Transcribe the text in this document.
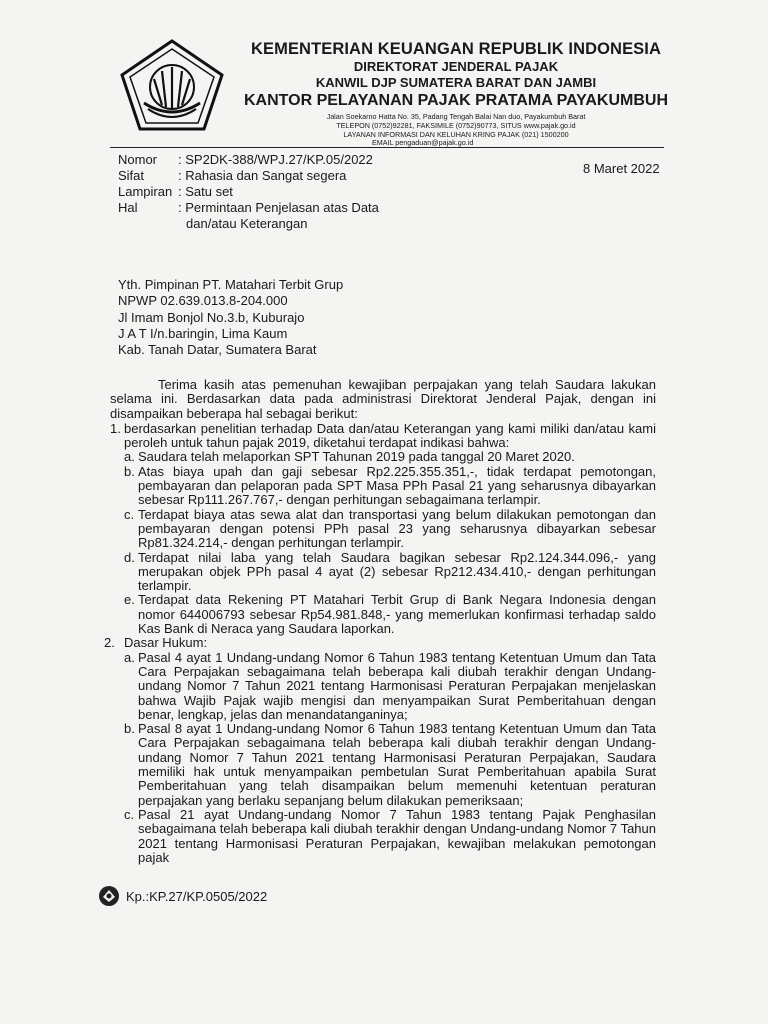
KEMENTERIAN KEUANGAN REPUBLIK INDONESIA
DIREKTORAT JENDERAL PAJAK
KANWIL DJP SUMATERA BARAT DAN JAMBI
KANTOR PELAYANAN PAJAK PRATAMA PAYAKUMBUH
Jalan Soekarno Hatta No. 35, Padang Tengah Balai Nan duo, Payakumbuh Barat
TELEPON (0752)92281, FAKSIMILE (0752)90773, SITUS www.pajak.go.id
LAYANAN INFORMASI DAN KELUHAN KRING PAJAK (021) 1500200
EMAIL pengaduan@pajak.go.id
Nomor	: SP2DK-388/WPJ.27/KP.05/2022
Sifat	: Rahasia dan Sangat segera
Lampiran : Satu set
Hal	: Permintaan Penjelasan atas Data
dan/atau Keterangan
8 Maret 2022
Yth. Pimpinan PT. Matahari Terbit Grup
NPWP 02.639.013.8-204.000
Jl Imam Bonjol No.3.b, Kuburajo
J A T I/n.baringin, Lima Kaum
Kab. Tanah Datar, Sumatera Barat
Terima kasih atas pemenuhan kewajiban perpajakan yang telah Saudara lakukan selama ini. Berdasarkan data pada administrasi Direktorat Jenderal Pajak, dengan ini disampaikan beberapa hal sebagai berikut:
1. berdasarkan penelitian terhadap Data dan/atau Keterangan yang kami miliki dan/atau kami peroleh untuk tahun pajak 2019, diketahui terdapat indikasi bahwa:
a. Saudara telah melaporkan SPT Tahunan 2019 pada tanggal 20 Maret 2020.
b. Atas biaya upah dan gaji sebesar Rp2.225.355.351,-, tidak terdapat pemotongan, pembayaran dan pelaporan pada SPT Masa PPh Pasal 21 yang seharusnya dibayarkan sebesar Rp111.267.767,- dengan perhitungan sebagaimana terlampir.
c. Terdapat biaya atas sewa alat dan transportasi yang belum dilakukan pemotongan dan pembayaran dengan potensi PPh pasal 23 yang seharusnya dibayarkan sebesar Rp81.324.214,- dengan perhitungan terlampir.
d. Terdapat nilai laba yang telah Saudara bagikan sebesar Rp2.124.344.096,- yang merupakan objek PPh pasal 4 ayat (2) sebesar Rp212.434.410,- dengan perhitungan terlampir.
e. Terdapat data Rekening PT Matahari Terbit Grup di Bank Negara Indonesia dengan nomor 644006793 sebesar Rp54.981.848,- yang memerlukan konfirmasi terhadap saldo Kas Bank di Neraca yang Saudara laporkan.
2. Dasar Hukum:
a. Pasal 4 ayat 1 Undang-undang Nomor 6 Tahun 1983 tentang Ketentuan Umum dan Tata Cara Perpajakan sebagaimana telah beberapa kali diubah terakhir dengan Undang-undang Nomor 7 Tahun 2021 tentang Harmonisasi Peraturan Perpajakan menjelaskan bahwa Wajib Pajak wajib mengisi dan menyampaikan Surat Pemberitahuan dengan benar, lengkap, jelas dan menandatanganinya;
b. Pasal 8 ayat 1 Undang-undang Nomor 6 Tahun 1983 tentang Ketentuan Umum dan Tata Cara Perpajakan sebagaimana telah beberapa kali diubah terakhir dengan Undang-undang Nomor 7 Tahun 2021 tentang Harmonisasi Peraturan Perpajakan, Saudara memiliki hak untuk menyampaikan pembetulan Surat Pemberitahuan apabila Surat Pemberitahuan yang telah disampaikan belum memenuhi ketentuan peraturan perpajakan yang berlaku sepanjang belum dilakukan pemeriksaan;
c. Pasal 21 ayat Undang-undang Nomor 7 Tahun 1983 tentang Pajak Penghasilan sebagaimana telah beberapa kali diubah terakhir dengan Undang-undang Nomor 7 Tahun 2021 tentang Harmonisasi Peraturan Perpajakan, kewajiban melakukan pemotongan pajak
Kp.:KP.27/KP.0505/2022
